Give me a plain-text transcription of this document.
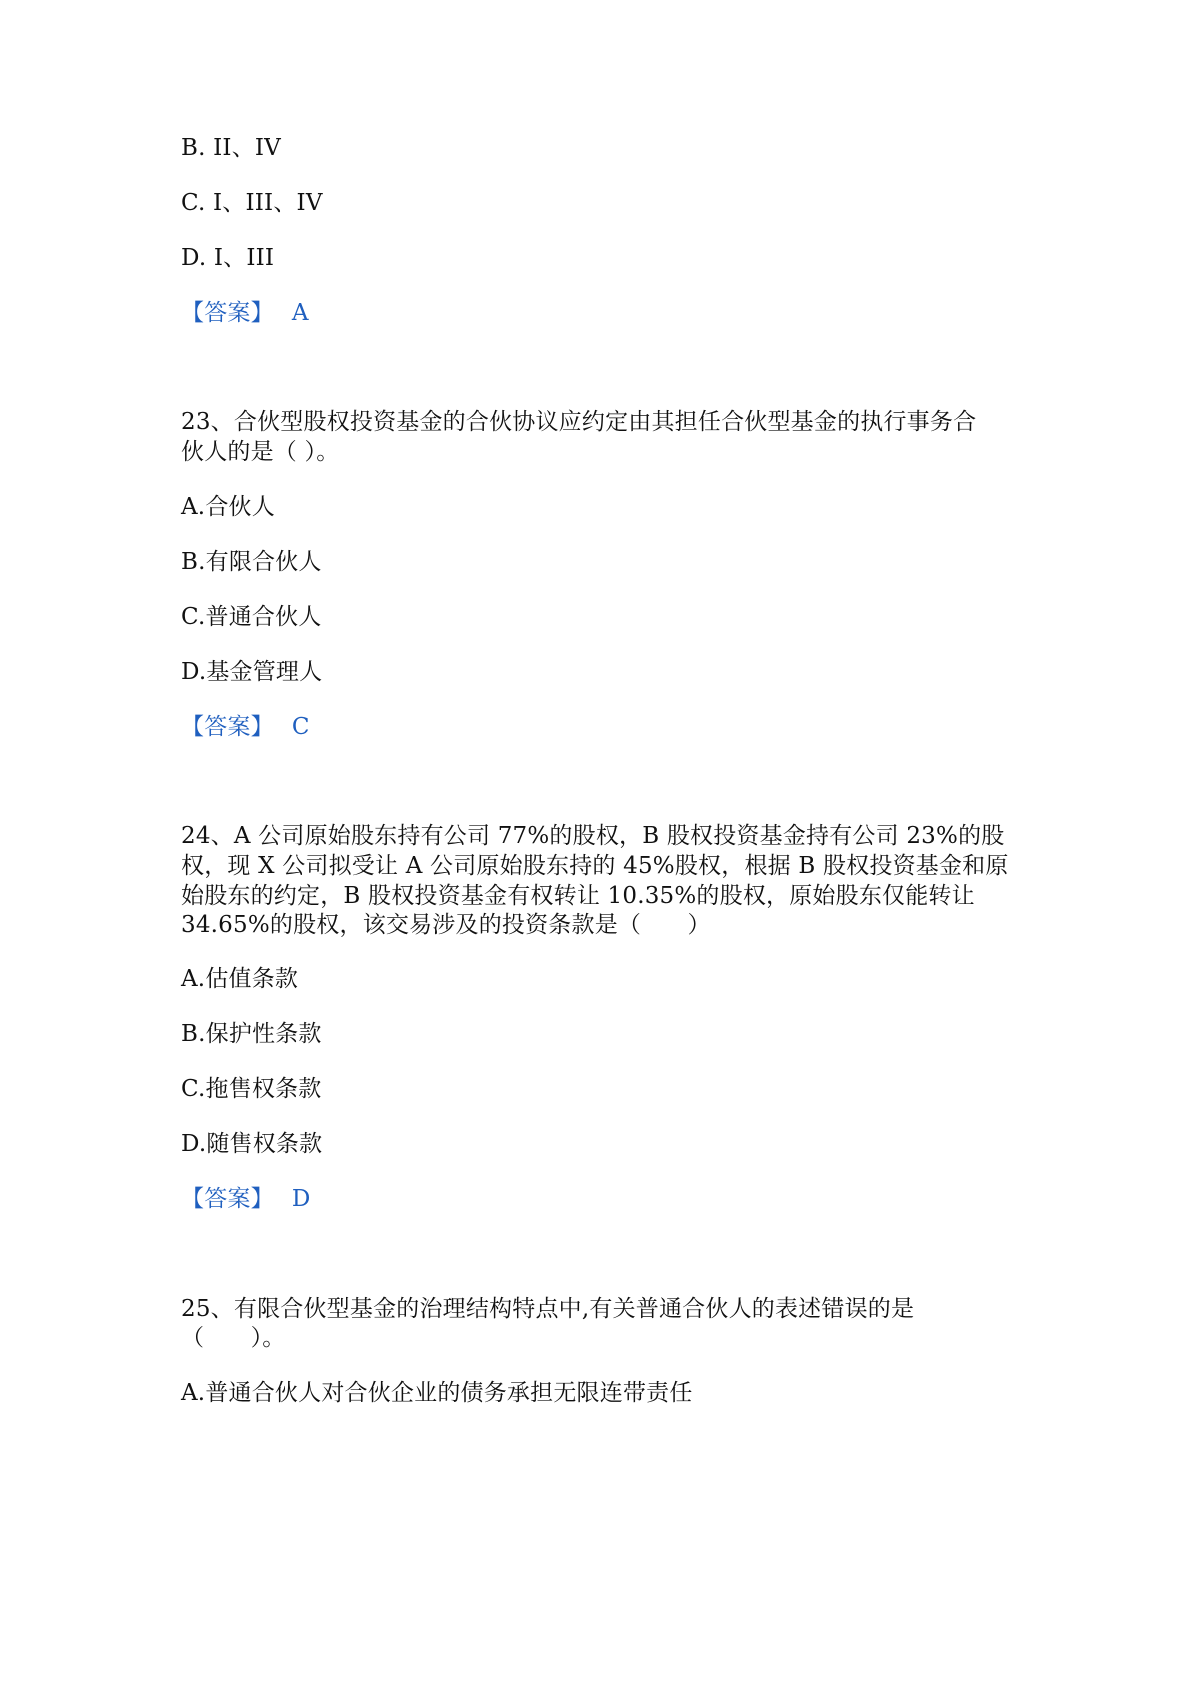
B. II、IV
C. I、III、IV
D. I、III
【答案】 A
23、合伙型股权投资基金的合伙协议应约定由其担任合伙型基金的执行事务合
伙人的是（ ）。
A.合伙人
B.有限合伙人
C.普通合伙人
D.基金管理人
【答案】 C
24、A 公司原始股东持有公司 77%的股权，B 股权投资基金持有公司 23%的股
权，现 X 公司拟受让 A 公司原始股东持的 45%股权，根据 B 股权投资基金和原
始股东的约定，B 股权投资基金有权转让 10.35%的股权，原始股东仅能转让
34.65%的股权，该交易涉及的投资条款是（　　）
A.估值条款
B.保护性条款
C.拖售权条款
D.随售权条款
【答案】 D
25、有限合伙型基金的治理结构特点中,有关普通合伙人的表述错误的是
（　　）。
A.普通合伙人对合伙企业的债务承担无限连带责任
